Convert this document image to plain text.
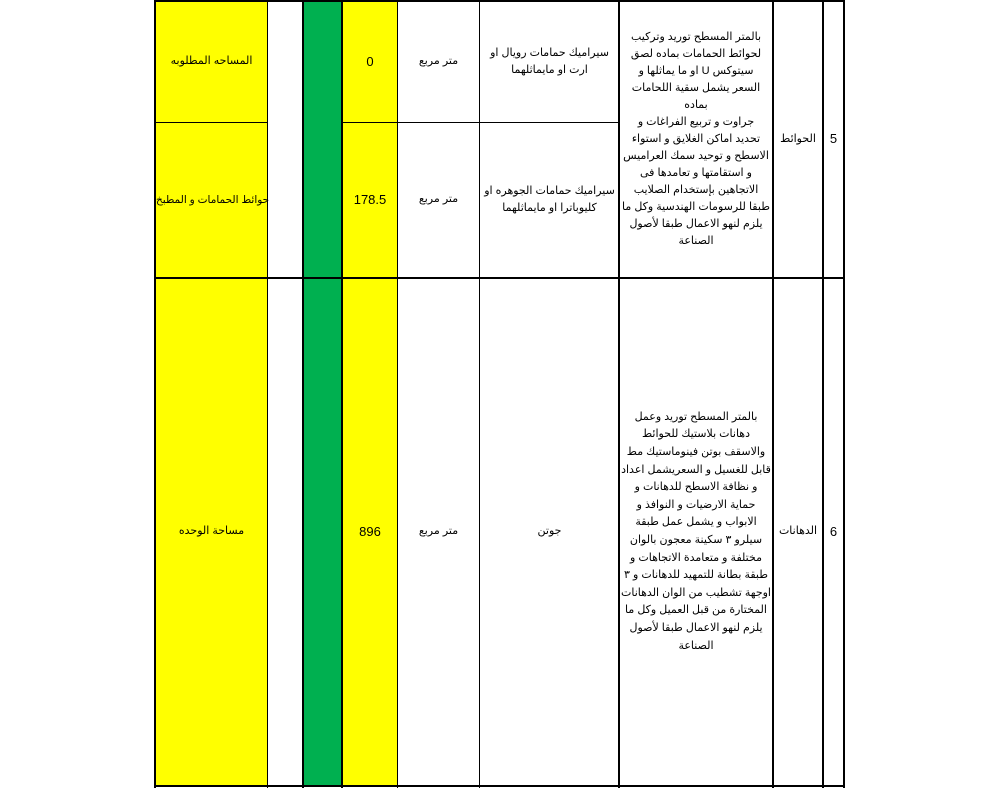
5
الحوائط
بالمتر المسطح توريد وتركيب
لحوائط الحمامات بماده لصق
سيتوكس U او ما يماثلها و
السعر يشمل سقية اللحامات بماده
جراوت و تربيع الفراغات و
تحديد اماكن الغلايق و استواء
الاسطح و توحيد سمك العراميس
و استقامتها و تعامدها فى
الاتجاهين بإستخدام الصلايب
طبقا للرسومات الهندسية وكل ما
يلزم لنهو الاعمال طبقا لأصول
الصناعة
سيراميك حمامات رويال او
ارت او مايماثلهما
متر مربع
0
المساحه المطلوبه
سيراميك حمامات الجوهره او
كليوباترا او مايماثلهما
متر مربع
178.5
حوائط الحمامات و المطبخ
6
الدهانات
بالمتر المسطح توريد وعمل
دهانات بلاستيك للحوائط
والاسقف بوتن فينوماستيك مط
قابل للغسيل و السعريشمل اعداد
و نظافة الاسطح للدهانات و
حماية الارضيات و النوافذ و
الابواب و يشمل عمل طبقة
سيلرو ٣ سكينة معجون بالوان
مختلفة و متعامدة الاتجاهات و
طبقة بطانة للتمهيد للدهانات و ٣
اوجهة تشطيب من الوان الدهانات
المختارة من قبل العميل وكل ما
يلزم لنهو الاعمال طبقا لأصول
الصناعة
جوتن
متر مربع
896
مساحة الوحده
